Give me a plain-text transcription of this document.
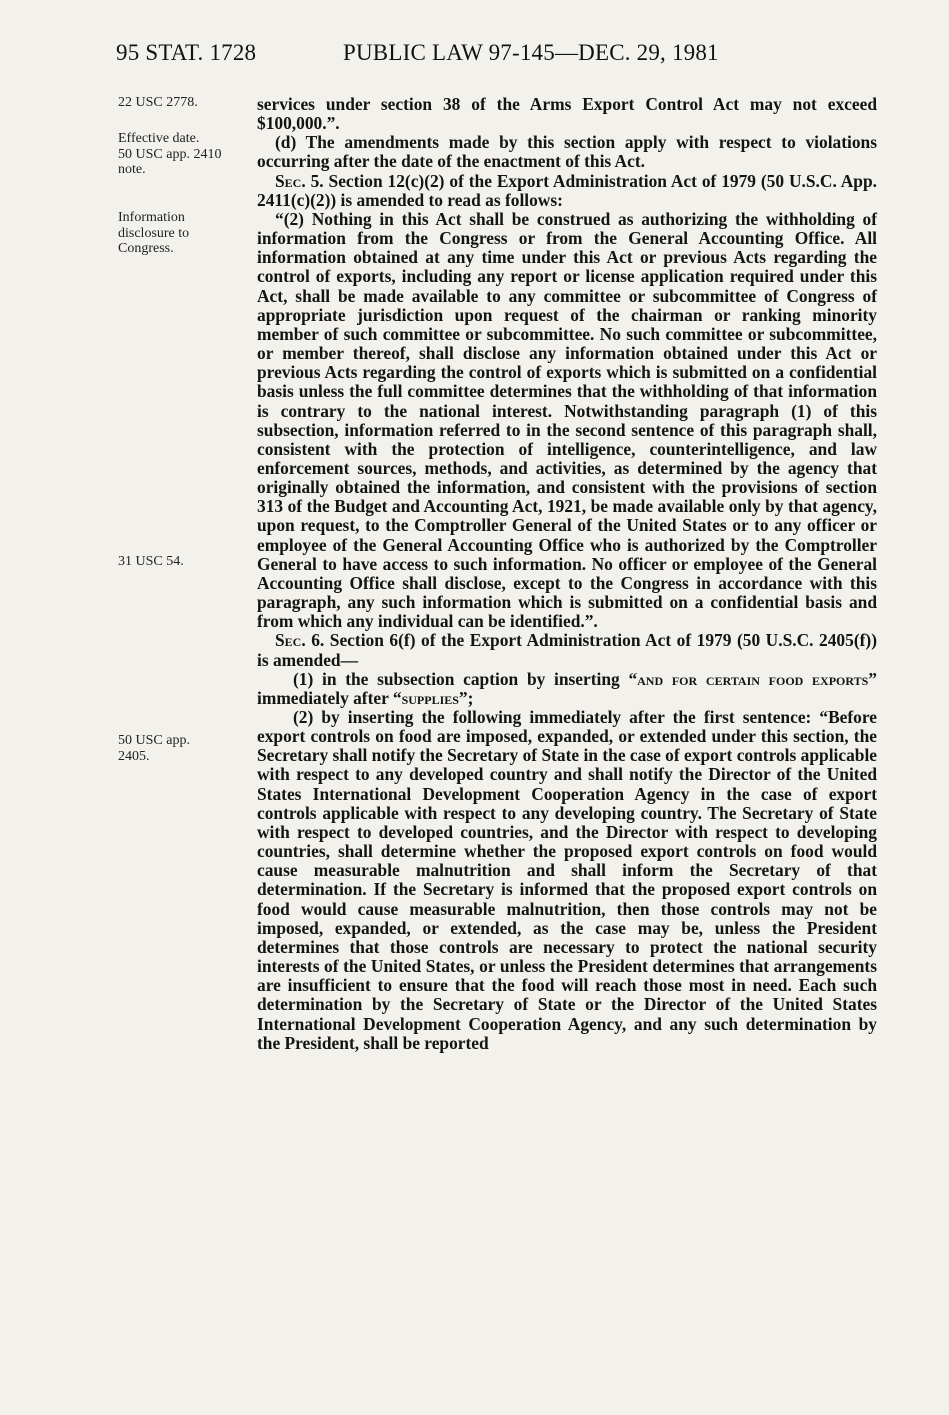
95 STAT. 1728	PUBLIC LAW 97-145—DEC. 29, 1981
22 USC 2778.
Effective date.
50 USC app. 2410
note.
Information
disclosure to
Congress.
31 USC 54.
50 USC app.
2405.

services under section 38 of the Arms Export Control Act may not exceed $100,000.”.

(d) The amendments made by this section apply with respect to violations occurring after the date of the enactment of this Act.

Sec. 5. Section 12(c)(2) of the Export Administration Act of 1979 (50 U.S.C. App. 2411(c)(2)) is amended to read as follows:

“(2) Nothing in this Act shall be construed as authorizing the withholding of information from the Congress or from the General Accounting Office. All information obtained at any time under this Act or previous Acts regarding the control of exports, including any report or license application required under this Act, shall be made available to any committee or subcommittee of Congress of appropriate jurisdiction upon request of the chairman or ranking minority member of such committee or subcommittee. No such committee or subcommittee, or member thereof, shall disclose any information obtained under this Act or previous Acts regarding the control of exports which is submitted on a confidential basis unless the full committee determines that the withholding of that information is contrary to the national interest. Notwithstanding paragraph (1) of this subsection, information referred to in the second sentence of this paragraph shall, consistent with the protection of intelligence, counterintelligence, and law enforcement sources, methods, and activities, as determined by the agency that originally obtained the information, and consistent with the provisions of section 313 of the Budget and Accounting Act, 1921, be made available only by that agency, upon request, to the Comptroller General of the United States or to any officer or employee of the General Accounting Office who is authorized by the Comptroller General to have access to such information. No officer or employee of the General Accounting Office shall disclose, except to the Congress in accordance with this paragraph, any such information which is submitted on a confidential basis and from which any individual can be identified.”.

Sec. 6. Section 6(f) of the Export Administration Act of 1979 (50 U.S.C. 2405(f)) is amended—

(1) in the subsection caption by inserting “and for certain food exports” immediately after “supplies”;

(2) by inserting the following immediately after the first sentence: “Before export controls on food are imposed, expanded, or extended under this section, the Secretary shall notify the Secretary of State in the case of export controls applicable with respect to any developed country and shall notify the Director of the United States International Development Cooperation Agency in the case of export controls applicable with respect to any developing country. The Secretary of State with respect to developed countries, and the Director with respect to developing countries, shall determine whether the proposed export controls on food would cause measurable malnutrition and shall inform the Secretary of that determination. If the Secretary is informed that the proposed export controls on food would cause measurable malnutrition, then those controls may not be imposed, expanded, or extended, as the case may be, unless the President determines that those controls are necessary to protect the national security interests of the United States, or unless the President determines that arrangements are insufficient to ensure that the food will reach those most in need. Each such determination by the Secretary of State or the Director of the United States International Development Cooperation Agency, and any such determination by the President, shall be reported
